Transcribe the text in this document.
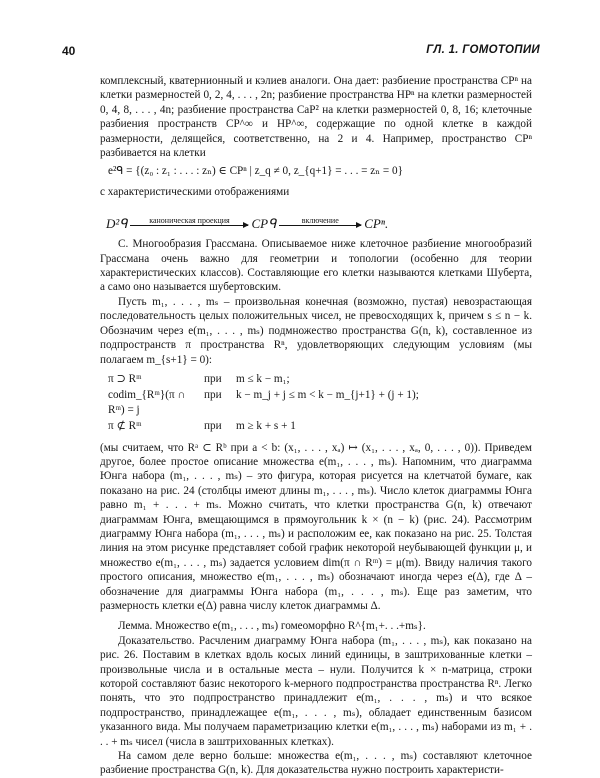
40	ГЛ. 1. ГОМОТОПИИ

комплексный, кватернионный и кэлиев аналоги. Она дает: разбиение пространства CPⁿ на клетки размерностей 0, 2, 4, . . . , 2n; разбиение пространства HPⁿ на клетки размерностей 0, 4, 8, . . . , 4n; разбиение пространства CaP² на клетки размерностей 0, 8, 16; клеточные разбиения пространств CP^∞ и HP^∞, содержащие по одной клетке в каждой размерности, делящейся, соответственно, на 2 и 4. Например, пространство CPⁿ разбивается на клетки

e²ᑫ = {(z₀ : z₁ : . . . : zₙ) ∈ CPⁿ | z_q ≠ 0, z_{q+1} = . . . = zₙ = 0}

с характеристическими отображениями

D²ᑫ	каноническая проекция CPᑫ	включение CPⁿ.

C. Многообразия Грассмана. Описываемое ниже клеточное разбиение многообразий Грассмана очень важно для геометрии и топологии (особенно для теории характеристических классов). Составляющие его клетки называются клетками Шуберта, а само оно называется шубертовским.

Пусть m₁, . . . , mₛ – произвольная конечная (возможно, пустая) невозрастающая последовательность целых положительных чисел, не превосходящих k, причем s ≤ n − k. Обозначим через e(m₁, . . . , mₛ) подмножество пространства G(n, k), составленное из подпространств π пространства Rⁿ, удовлетворяющих следующим условиям (мы полагаем m_{s+1} = 0):

π ⊃ Rᵐ	при	m ≤ k − m₁;
codim_{Rᵐ}(π ∩ Rᵐ) = j	при	k − m_j + j ≤ m < k − m_{j+1} + (j + 1);
π ⊄ Rᵐ	при	m ≥ k + s + 1

(мы считаем, что Rᵃ ⊂ Rᵇ при a < b: (x₁, . . . , xₐ) ↦ (x₁, . . . , xₐ, 0, . . . , 0)). Приведем другое, более простое описание множества e(m₁, . . . , mₛ). Напомним, что диаграмма Юнга набора (m₁, . . . , mₛ) – это фигура, которая рисуется на клетчатой бумаге, как показано на рис. 24 (столбцы имеют длины m₁, . . . , mₛ). Число клеток диаграммы Юнга равно m₁ + . . . + mₛ. Можно считать, что клетки пространства G(n, k) отвечают диаграммам Юнга, вмещающимся в прямоугольник k × (n − k) (рис. 24). Рассмотрим диаграмму Юнга набора (m₁, . . . , mₛ) и расположим ее, как показано на рис. 25. Толстая линия на этом рисунке представляет собой график некоторой неубывающей функции μ, и множество e(m₁, . . . , mₛ) задается условием dim(π ∩ Rᵐ) = μ(m). Ввиду наличия такого простого описания, множество e(m₁, . . . , mₛ) обозначают иногда через e(Δ), где Δ – обозначение для диаграммы Юнга набора (m₁, . . . , mₛ). Еще раз заметим, что размерность клетки e(Δ) равна числу клеток диаграммы Δ.

Лемма. Множество e(m₁, . . . , mₛ) гомеоморфно R^{m₁+. . .+mₛ}.

Доказательство. Расчленим диаграмму Юнга набора (m₁, . . . , mₛ), как показано на рис. 26. Поставим в клетках вдоль косых линий единицы, в заштрихованные клетки – произвольные числа и в остальные места – нули. Получится k × n-матрица, строки которой составляют базис некоторого k-мерного подпространства пространства Rⁿ. Легко понять, что это подпространство принадлежит e(m₁, . . . , mₛ) и что всякое подпространство, принадлежащее e(m₁, . . . , mₛ), обладает единственным базисом указанного вида. Мы получаем параметризацию клетки e(m₁, . . . , mₛ) наборами из m₁ + . . . + mₛ чисел (числа в заштрихованных клетках).

На самом деле верно больше: множества e(m₁, . . . , mₛ) составляют клеточное разбиение пространства G(n, k). Для доказательства нужно построить характеристи-
